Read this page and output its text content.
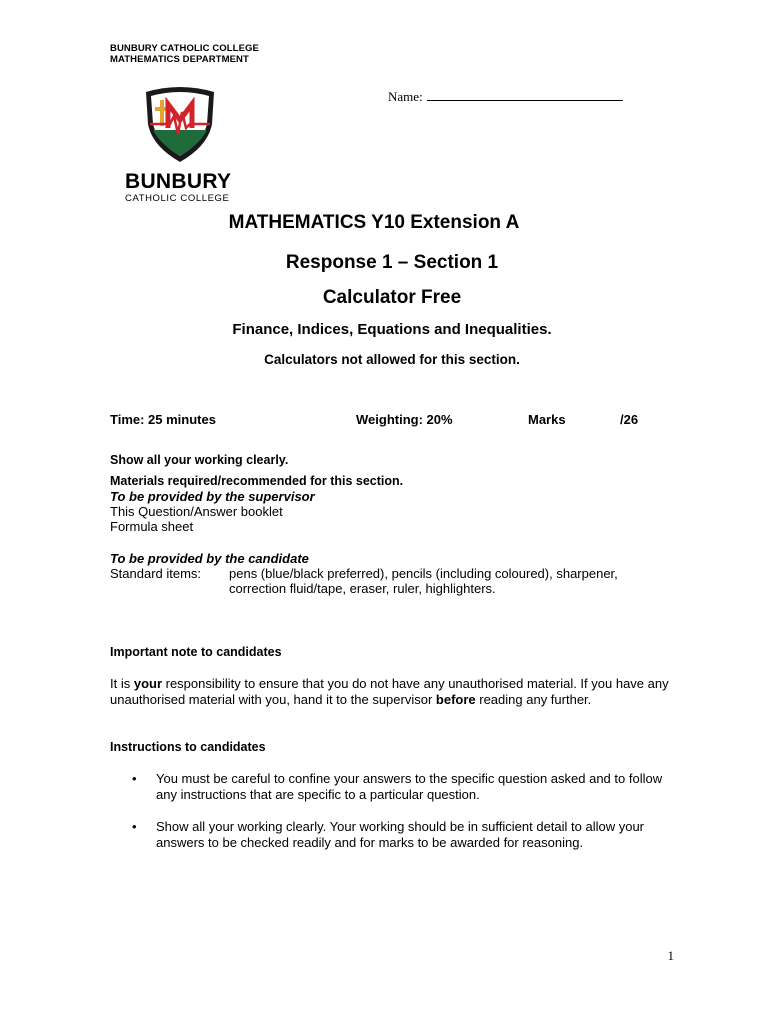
BUNBURY CATHOLIC COLLEGE
MATHEMATICS DEPARTMENT
BUNBURY
CATHOLIC COLLEGE
Name:
MATHEMATICS Y10 Extension A
Response 1 – Section 1
Calculator Free
Finance, Indices, Equations and Inequalities.
Calculators not allowed for this section.
Time: 25 minutes	Weighting: 20%	Marks	/26
Show all your working clearly.
Materials required/recommended for this section.
To be provided by the supervisor
This Question/Answer booklet
Formula sheet
To be provided by the candidate
Standard items: pens (blue/black preferred), pencils (including coloured), sharpener,
correction fluid/tape, eraser, ruler, highlighters.
Important note to candidates
It is your responsibility to ensure that you do not have any unauthorised material. If you have any unauthorised material with you, hand it to the supervisor before reading any further.
Instructions to candidates
• You must be careful to confine your answers to the specific question asked and to follow any instructions that are specific to a particular question.
• Show all your working clearly. Your working should be in sufficient detail to allow your answers to be checked readily and for marks to be awarded for reasoning.
1
